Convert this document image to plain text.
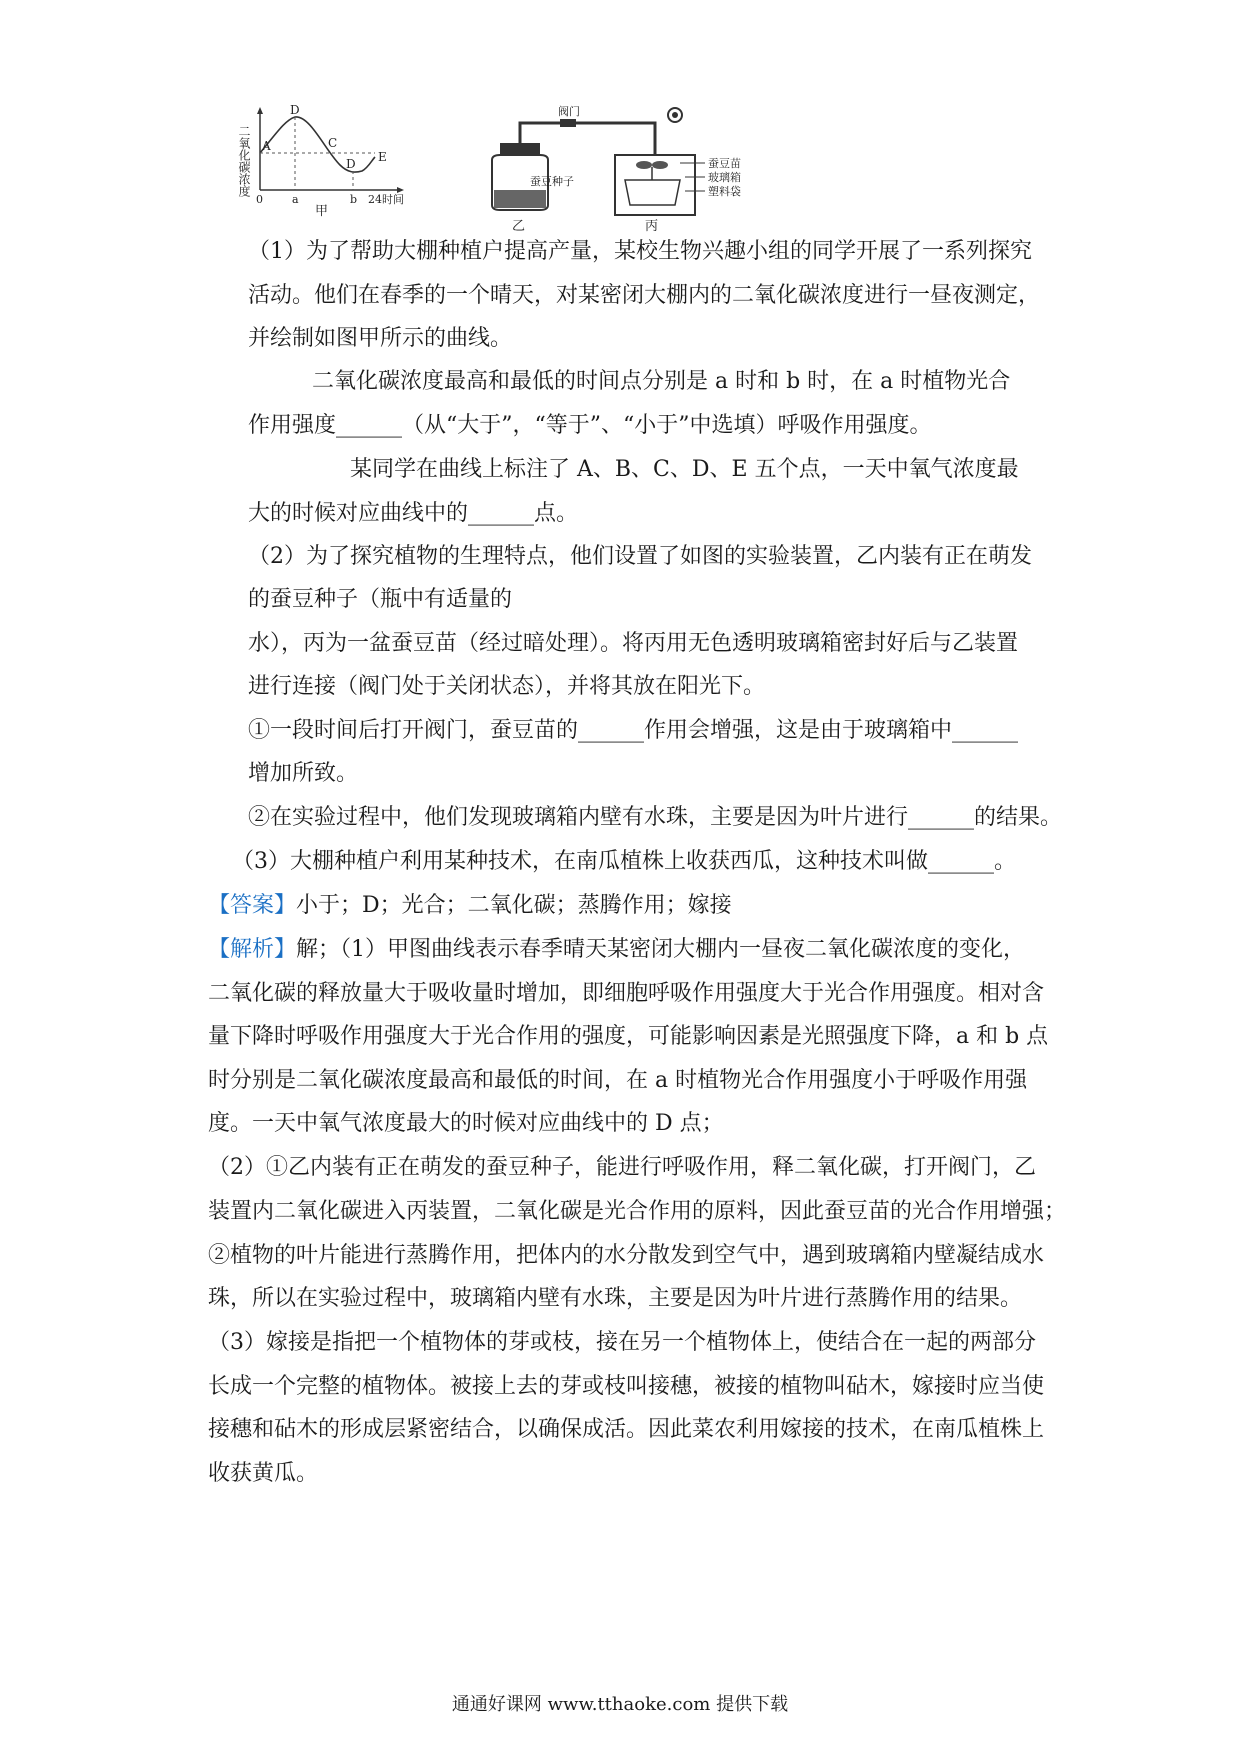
二氧化碳浓度 A
D
C
D E
0	a	b 24时间
甲
阀门
蚕豆种子
乙
蚕豆苗
玻璃箱
塑料袋
丙
（1）为了帮助大棚种植户提高产量，某校生物兴趣小组的同学开展了一系列探究
活动。他们在春季的一个晴天，对某密闭大棚内的二氧化碳浓度进行一昼夜测定，
并绘制如图甲所示的曲线。
二氧化碳浓度最高和最低的时间点分别是 a 时和 b 时，在 a 时植物光合
作用强度______（从“大于”，“等于”、“小于”中选填）呼吸作用强度。
某同学在曲线上标注了 A、B、C、D、E 五个点，一天中氧气浓度最
大的时候对应曲线中的______点。
（2）为了探究植物的生理特点，他们设置了如图的实验装置，乙内装有正在萌发
的蚕豆种子（瓶中有适量的
水），丙为一盆蚕豆苗（经过暗处理）。将丙用无色透明玻璃箱密封好后与乙装置
进行连接（阀门处于关闭状态），并将其放在阳光下。
①一段时间后打开阀门，蚕豆苗的______作用会增强，这是由于玻璃箱中______
增加所致。
②在实验过程中，他们发现玻璃箱内壁有水珠，主要是因为叶片进行______的结果。
（3）大棚种植户利用某种技术，在南瓜植株上收获西瓜，这种技术叫做______。
【答案】小于；D；光合；二氧化碳；蒸腾作用；嫁接
【解析】解；（1）甲图曲线表示春季晴天某密闭大棚内一昼夜二氧化碳浓度的变化，
二氧化碳的释放量大于吸收量时增加，即细胞呼吸作用强度大于光合作用强度。相对含
量下降时呼吸作用强度大于光合作用的强度，可能影响因素是光照强度下降，a 和 b 点
时分别是二氧化碳浓度最高和最低的时间，在 a 时植物光合作用强度小于呼吸作用强
度。一天中氧气浓度最大的时候对应曲线中的 D 点；
（2）①乙内装有正在萌发的蚕豆种子，能进行呼吸作用，释二氧化碳，打开阀门，乙
装置内二氧化碳进入丙装置，二氧化碳是光合作用的原料，因此蚕豆苗的光合作用增强；
②植物的叶片能进行蒸腾作用，把体内的水分散发到空气中，遇到玻璃箱内壁凝结成水
珠，所以在实验过程中，玻璃箱内壁有水珠，主要是因为叶片进行蒸腾作用的结果。
（3）嫁接是指把一个植物体的芽或枝，接在另一个植物体上，使结合在一起的两部分
长成一个完整的植物体。被接上去的芽或枝叫接穗，被接的植物叫砧木，嫁接时应当使
接穗和砧木的形成层紧密结合，以确保成活。因此菜农利用嫁接的技术，在南瓜植株上
收获黄瓜。
通通好课网 www.tthaoke.com 提供下载
